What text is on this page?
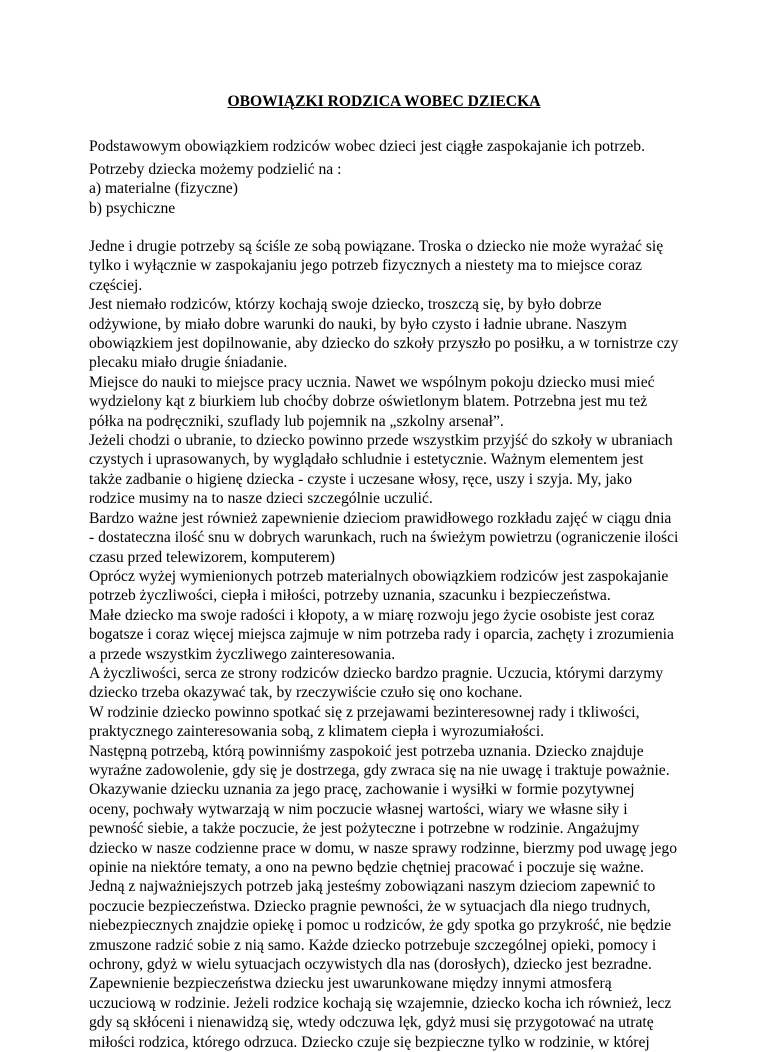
OBOWIĄZKI RODZICA WOBEC DZIECKA

Podstawowym obowiązkiem rodziców wobec dzieci jest ciągłe zaspokajanie ich potrzeb.

Potrzeby dziecka możemy podzielić na :
a) materialne (fizyczne)
b) psychiczne

Jedne i drugie potrzeby są ściśle ze sobą powiązane. Troska o dziecko nie może wyrażać się
tylko i wyłącznie w zaspokajaniu jego potrzeb fizycznych a niestety ma to miejsce coraz
częściej.
Jest niemało rodziców, którzy kochają swoje dziecko, troszczą się, by było dobrze
odżywione, by miało dobre warunki do nauki, by było czysto i ładnie ubrane. Naszym
obowiązkiem jest dopilnowanie, aby dziecko do szkoły przyszło po posiłku, a w tornistrze czy
plecaku miało drugie śniadanie.
Miejsce do nauki to miejsce pracy ucznia. Nawet we wspólnym pokoju dziecko musi mieć
wydzielony kąt z biurkiem lub choćby dobrze oświetlonym blatem. Potrzebna jest mu też
półka na podręczniki, szuflady lub pojemnik na „szkolny arsenał”.
Jeżeli chodzi o ubranie, to dziecko powinno przede wszystkim przyjść do szkoły w ubraniach
czystych i uprasowanych, by wyglądało schludnie i estetycznie. Ważnym elementem jest
także zadbanie o higienę dziecka - czyste i uczesane włosy, ręce, uszy i szyja. My, jako
rodzice musimy na to nasze dzieci szczególnie uczulić.
Bardzo ważne jest również zapewnienie dzieciom prawidłowego rozkładu zajęć w ciągu dnia
- dostateczna ilość snu w dobrych warunkach, ruch na świeżym powietrzu (ograniczenie ilości
czasu przed telewizorem, komputerem)
Oprócz wyżej wymienionych potrzeb materialnych obowiązkiem rodziców jest zaspokajanie
potrzeb życzliwości, ciepła i miłości, potrzeby uznania, szacunku i bezpieczeństwa.
Małe dziecko ma swoje radości i kłopoty, a w miarę rozwoju jego życie osobiste jest coraz
bogatsze i coraz więcej miejsca zajmuje w nim potrzeba rady i oparcia, zachęty i zrozumienia
a przede wszystkim życzliwego zainteresowania.
A życzliwości, serca ze strony rodziców dziecko bardzo pragnie. Uczucia, którymi darzymy
dziecko trzeba okazywać tak, by rzeczywiście czuło się ono kochane.
W rodzinie dziecko powinno spotkać się z przejawami bezinteresownej rady i tkliwości,
praktycznego zainteresowania sobą, z klimatem ciepła i wyrozumiałości.
Następną potrzebą, którą powinniśmy zaspokoić jest potrzeba uznania. Dziecko znajduje
wyraźne zadowolenie, gdy się je dostrzega, gdy zwraca się na nie uwagę i traktuje poważnie.
Okazywanie dziecku uznania za jego pracę, zachowanie i wysiłki w formie pozytywnej
oceny, pochwały wytwarzają w nim poczucie własnej wartości, wiary we własne siły i
pewność siebie, a także poczucie, że jest pożyteczne i potrzebne w rodzinie. Angażujmy
dziecko w nasze codzienne prace w domu, w nasze sprawy rodzinne, bierzmy pod uwagę jego
opinie na niektóre tematy, a ono na pewno będzie chętniej pracować i poczuje się ważne.
Jedną z najważniejszych potrzeb jaką jesteśmy zobowiązani naszym dzieciom zapewnić to
poczucie bezpieczeństwa. Dziecko pragnie pewności, że w sytuacjach dla niego trudnych,
niebezpiecznych znajdzie opiekę i pomoc u rodziców, że gdy spotka go przykrość, nie będzie
zmuszone radzić sobie z nią samo. Każde dziecko potrzebuje szczególnej opieki, pomocy i
ochrony, gdyż w wielu sytuacjach oczywistych dla nas (dorosłych), dziecko jest bezradne.
Zapewnienie bezpieczeństwa dziecku jest uwarunkowane między innymi atmosferą
uczuciową w rodzinie. Jeżeli rodzice kochają się wzajemnie, dziecko kocha ich również, lecz
gdy są skłóceni i nienawidzą się, wtedy odczuwa lęk, gdyż musi się przygotować na utratę
miłości rodzica, którego odrzuca. Dziecko czuje się bezpieczne tylko w rodzinie, w której
